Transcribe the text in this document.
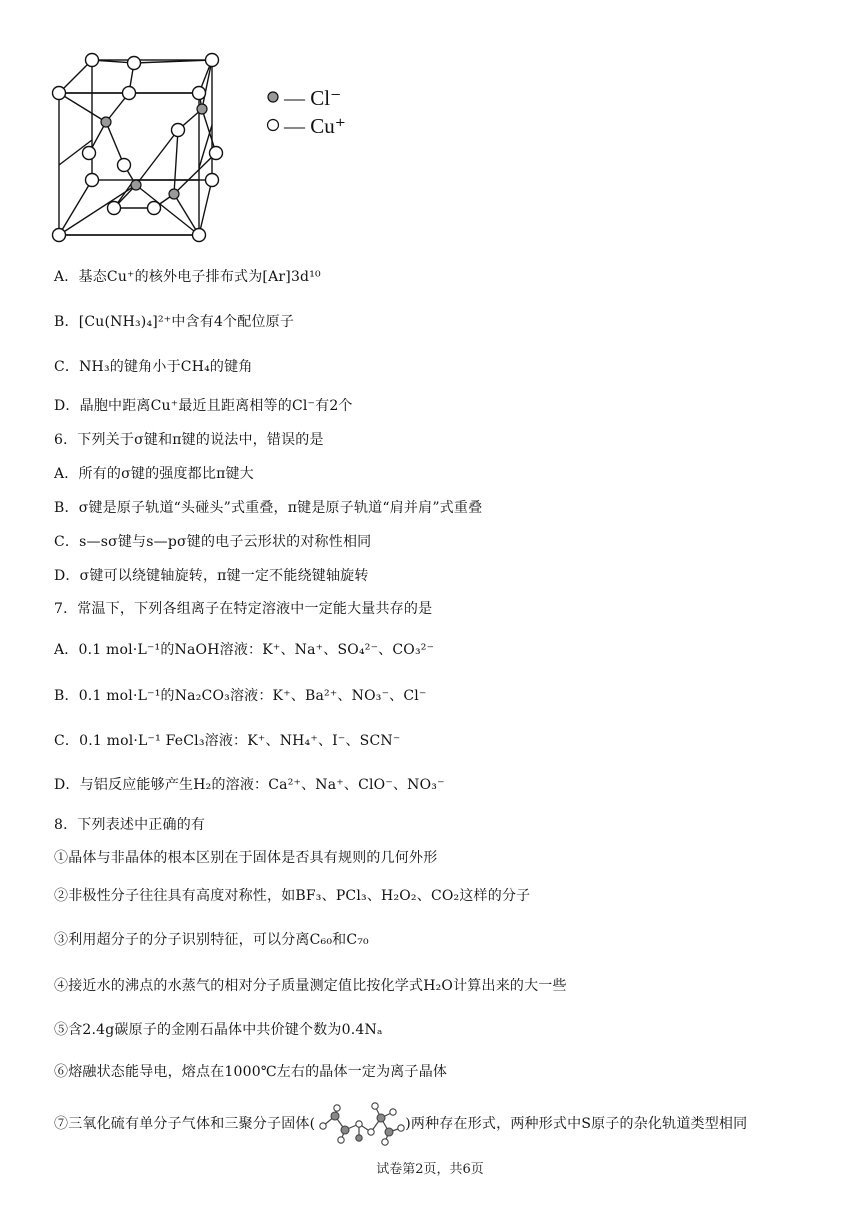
— Cl⁻
— Cu⁺
A．基态Cu⁺的核外电子排布式为[Ar]3d¹⁰
B．[Cu(NH₃)₄]²⁺中含有4个配位原子
C．NH₃的键角小于CH₄的键角
D．晶胞中距离Cu⁺最近且距离相等的Cl⁻有2个
6．下列关于σ键和π键的说法中，错误的是
A．所有的σ键的强度都比π键大
B．σ键是原子轨道“头碰头”式重叠，π键是原子轨道“肩并肩”式重叠
C．s—sσ键与s—pσ键的电子云形状的对称性相同
D．σ键可以绕键轴旋转，π键一定不能绕键轴旋转
7．常温下，下列各组离子在特定溶液中一定能大量共存的是
A．0.1 mol·L⁻¹的NaOH溶液：K⁺、Na⁺、SO₄²⁻、CO₃²⁻
B．0.1 mol·L⁻¹的Na₂CO₃溶液：K⁺、Ba²⁺、NO₃⁻、Cl⁻
C．0.1 mol·L⁻¹ FeCl₃溶液：K⁺、NH₄⁺、I⁻、SCN⁻
D．与铝反应能够产生H₂的溶液：Ca²⁺、Na⁺、ClO⁻、NO₃⁻
8．下列表述中正确的有
①晶体与非晶体的根本区别在于固体是否具有规则的几何外形
②非极性分子往往具有高度对称性，如BF₃、PCl₃、H₂O₂、CO₂这样的分子
③利用超分子的分子识别特征，可以分离C₆₀和C₇₀
④接近水的沸点的水蒸气的相对分子质量测定值比按化学式H₂O计算出来的大一些
⑤含2.4g碳原子的金刚石晶体中共价键个数为0.4Nₐ
⑥熔融状态能导电，熔点在1000℃左右的晶体一定为离子晶体
⑦三氧化硫有单分子气体和三聚分子固体(	)两种存在形式，两种形式中S原子的杂化轨道类型相同
试卷第2页，共6页
